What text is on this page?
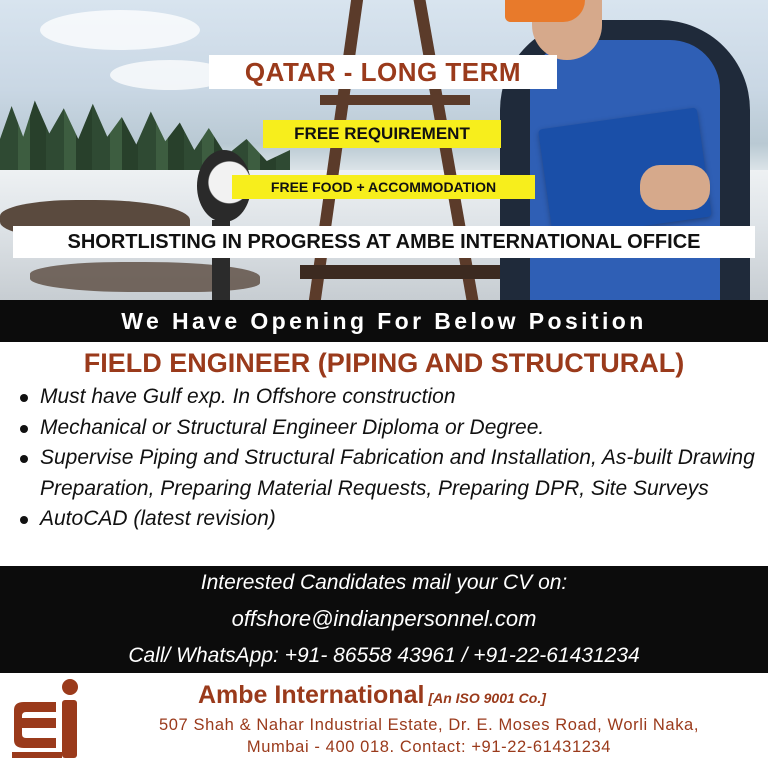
QATAR - LONG TERM
FREE REQUIREMENT
FREE FOOD + ACCOMMODATION
SHORTLISTING IN PROGRESS AT AMBE INTERNATIONAL OFFICE
We Have Opening For Below Position
FIELD ENGINEER (PIPING AND STRUCTURAL)
Must have Gulf exp. In Offshore construction
Mechanical or Structural Engineer Diploma or Degree.
Supervise Piping and Structural Fabrication and Installation, As-built Drawing Preparation, Preparing Material Requests, Preparing DPR, Site Surveys
AutoCAD (latest revision)
Interested Candidates mail your CV on:
offshore@indianpersonnel.com
Call/ WhatsApp: +91- 86558 43961 / +91-22-61431234
Ambe International [An ISO 9001 Co.]
507 Shah & Nahar Industrial Estate, Dr. E. Moses Road, Worli Naka,
Mumbai - 400 018. Contact: +91-22-61431234
